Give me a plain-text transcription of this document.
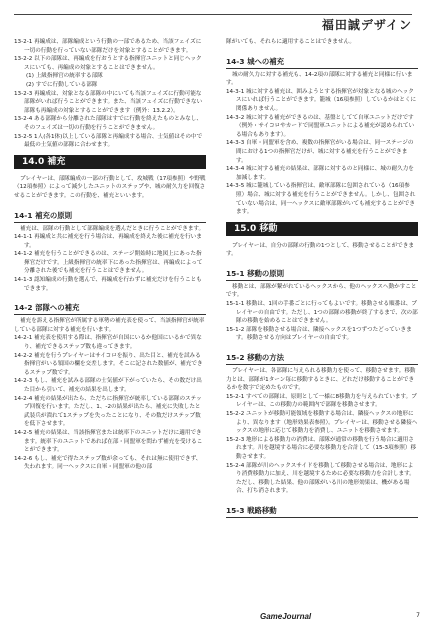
福田誠デザイン

13-2-1 再編成は、部隊編成という行動の一部であるため、当該フェイズに一切の行動を行っていない部隊だけを対象とすることができます。

13-2-2 以下の部隊は、再編成を行おうとする指揮官ユニットと同じヘックスにいても、再編成の対象とすることはできません。

(1) 上級指揮官の統率する部隊

(2) すでに行動している部隊

13-2-3 再編成は、対象となる部隊の中にいても当該フェイズに行動可能な部隊がいれば行うことができます。また、当該フェイズに行動できない部隊も再編成の対象とすることができます（例外：13.2.2）。

13-2-4 ある部隊から分離された部隊はすでに行動を終えたものとみなし、そのフェイズは一切の行動を行うことができません。

13-2-5 1人(各1体)以上している部隊と再編成する場合、士気値はその中で最低の士気値の部隊に合わせます。

14.0 補充

プレイヤーは、部隊編成の一部の行動として、攻城戦（17項参照）や野戦（12項参照）によって減少したユニットのステップや、城の耐久力を回復させることができます。この行動を、補充といいます。

14-1 補充の原則

補充は、部隊の行動として部隊編成を選んだときに行うことができます。

14-1-1 再編成と共に補充を行う場合は、再編成を終えた後に補充を行います。

14-1-2 補充を行うことができるのは、ステージ開始時に地図上にあった指揮官だけです。上級指揮官の統率下にあった指揮官は、再編成によって分離された後でも補充を行うことはできません。

14-1-3 認知編成の行動を選んで、再編成を行わずに補充だけを行うこともできます。

14-2 部隊への補充

補充を訴える指揮官が所属する軍勢の補充表を使って、当該指揮官が統率している部隊に対する補充を行います。

14-2-1 補充表を使用する際は、指揮官が自国にいるか他国にいるかで異なり、補充できるステップ数も違ってきます。

14-2-2 補充を行うプレイヤーはサイコロを振り、出た目と、補充を試みる指揮官がいる領国の欄を交差します。そこに記された数値が、補充できるステップ数です。

14-2-3 もし、補充を試みる部隊の士気値が下がっていたら、その数だけ出た目から引いて、補充の結果を出します。

14-2-4 補充の結果が出たら、ただちに指揮官が統率している部隊のステップ回復を行います。ただし、1、-2の結果が出たら、補充に失敗したと武装兵が潰れて1ステップを失ったことになり、その数だけステップ数を低下させます。

14-2-5 補充の結果は、当該指揮官または統率下のユニットだけに適用できます。統率下のユニットであれば在部・同盟軍を問わず補充を受けることができます。

14-2-6 もし、補充で得たステップ数が余っても、それは無に使用できず、失われます。同一ヘックスに自軍・同盟軍の他の部

隊がいても、それらに適用することはできません。

14-3 城への補充

城の耐久力に対する補充も、14-2項の部隊に対する補充と同様に行います。

14-3-1 城に対する補充は、囲みようとする指揮官が対象となる城のヘックスにいれば行うことができます。籠城（16項参照）しているかはとくに関係ありません。

14-3-2 城に対する補充ができるのは、基盤としてて自軍ユニットだけです（例外・サイコロやカードで同盟軍ユニットによる補充が認められている場合もあります）。

14-3-3 自軍・同盟軍を含め、複数の指揮官がいる場合は、同一ステージの間における1つの指揮官だけが、城に対する補充を行うことができます。

14-3-4 城に対する補充の結果は、部隊に対するのと同様に、城の耐久力を加減します。

14-3-5 城に籠城している指揮官は、敵軍部隊に包囲されている（16項参照）場合、城に対する補充を行うことができません。しかし、包囲されていない場合は、同一ヘックスに敵軍部隊がいても補充することができます。

15.0 移動

プレイヤーは、自分の部隊の行動の1つとして、移動させることができます。

15-1 移動の原則

移動とは、部隊が繋がれているヘックスから、他のヘックスへ動かすことです。

15-1-1 移動は、1回の手番ごとに行ってもよいです。移動させる順番は、プレイヤーの自由です。ただし、1つの部隊の移動が終了するまで、次の部隊の移動を始めることはできません。

15-1-2 部隊を移動させる場合は、隣接ヘックスを1つずつたどっていきます。移動させる方向はプレイヤーの自由です。

15-2 移動の方法

プレイヤーは、各部隊に与えられる移動力を使って、移動させます。移動力とは、部隊が1ターン毎に移動するときに、どれだけ移動することができるかを数字で定めたものです。

15-2-1 すべての部隊は、原則として一様に8移動力を与えられています。プレイヤーは、この移動力の範囲内で部隊を移動させます。

15-2-2 ユニットが移動可能領域を移動する場合は、隣接ヘックスの地形により、異なります（地形効果表参照）。プレイヤーは、移動させる隣接ヘックスの地形に応じて移動力を消費し、ユニットを移動させます。

15-2-3 地形による移動力の消費は、部隊が通常の移動を行う場合に適用されます。川を越境する場合に必要な移動力を合計して（15-3項参照）移動させます。

15-2-4 部隊が川のヘックスサイドを移動して移動させる場合は、地形により消費移動力に加え、川を越境するために必要な移動力を合計します。ただし、移動した結果、他の部隊がいる川の地形効果は、機がある場合、打ち消されます。

15-3 戦路移動
GameJournal	7
